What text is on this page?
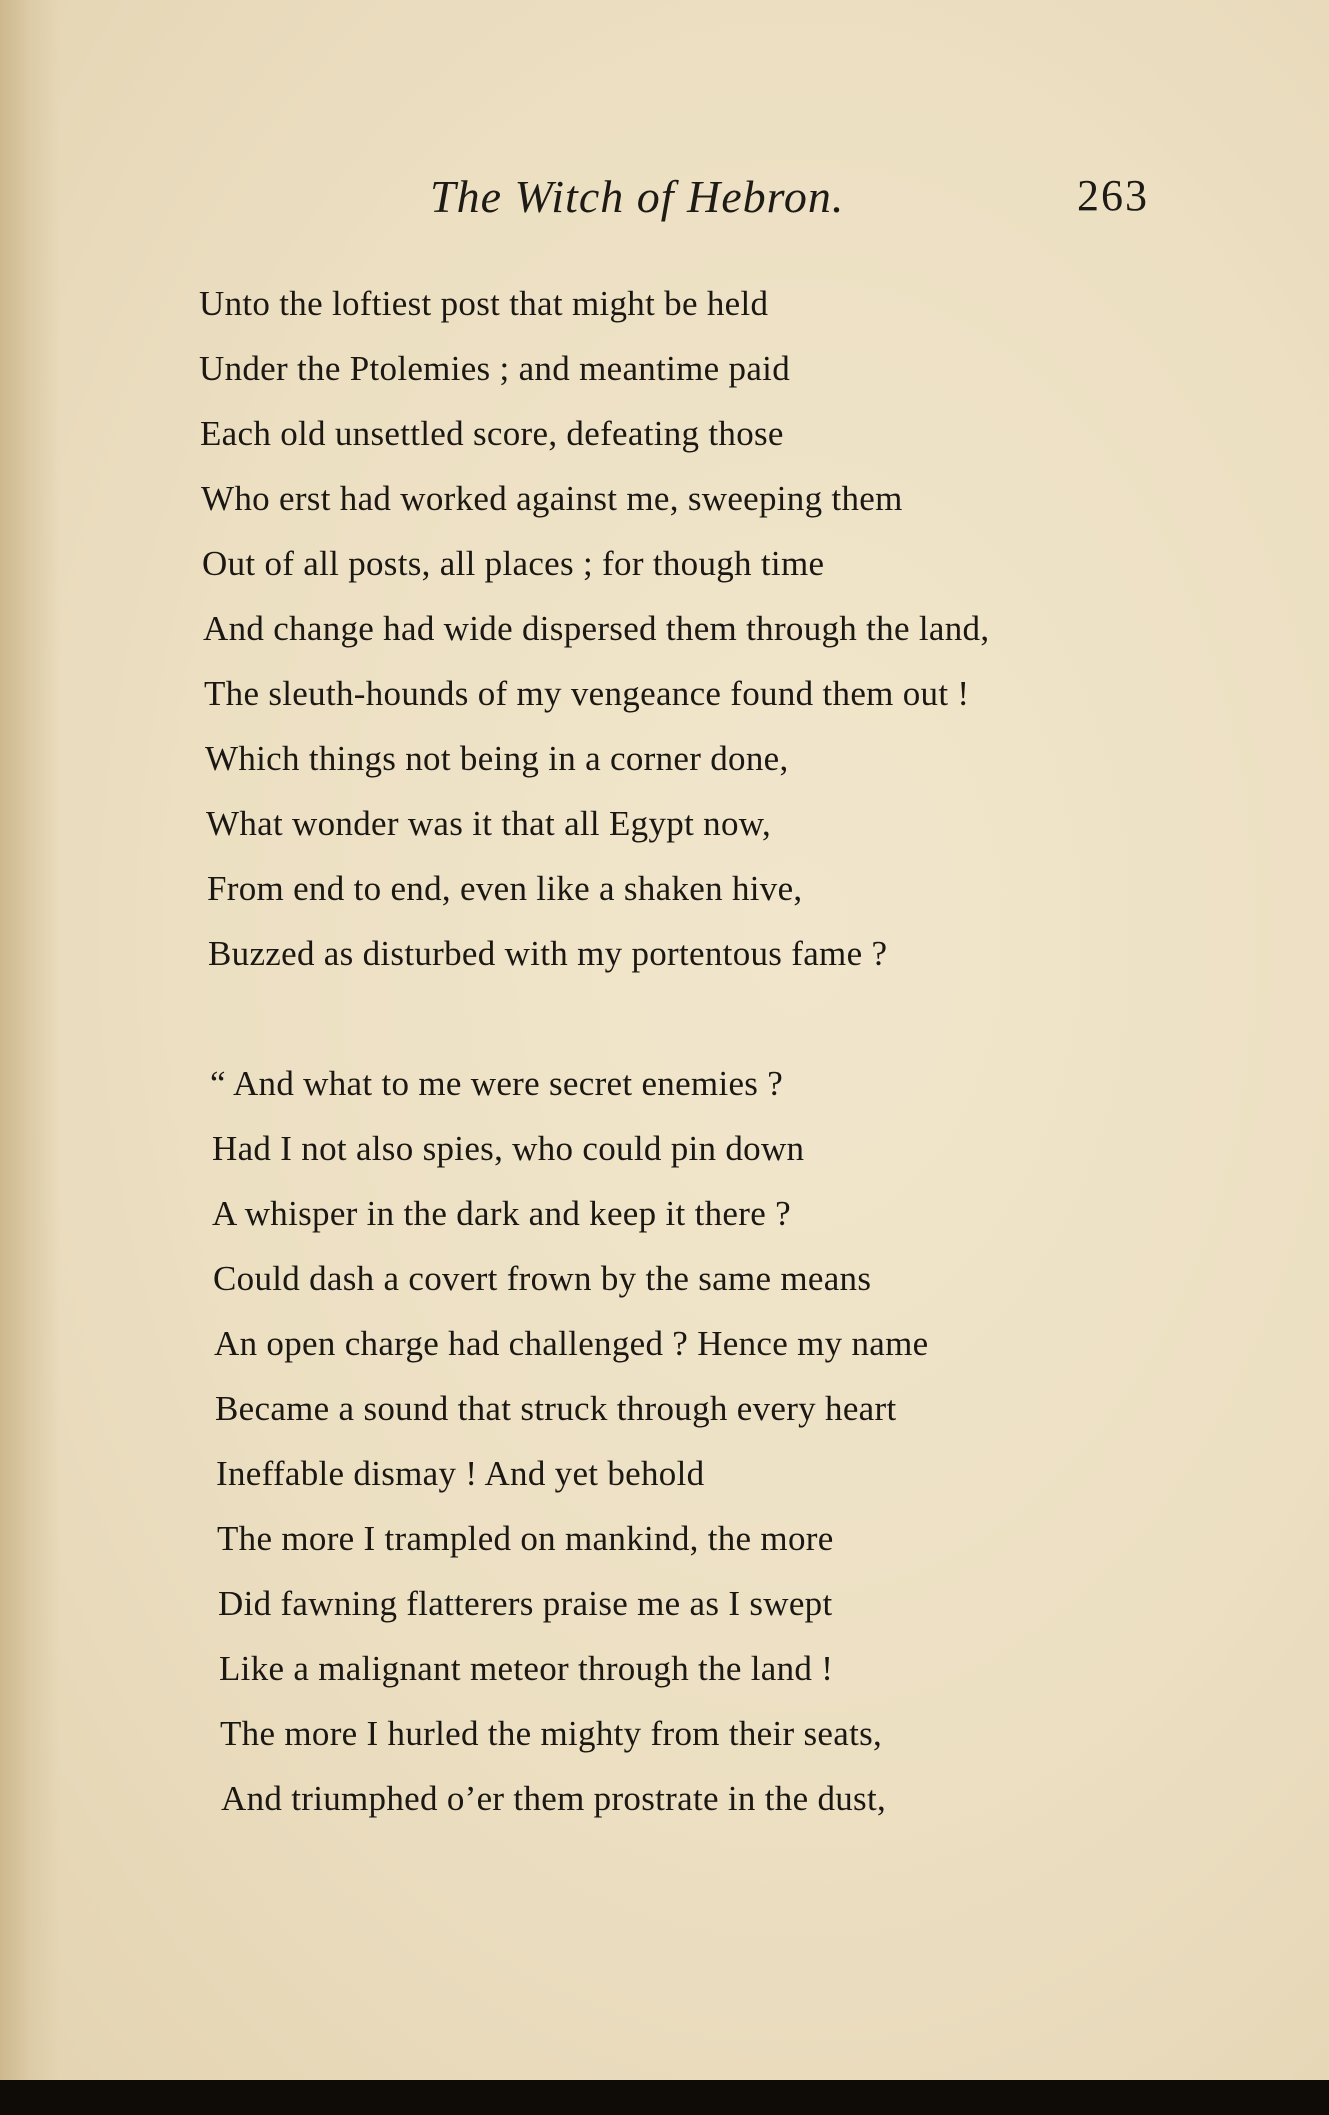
The Witch of Hebron.	263
Unto the loftiest post that might be held
Under the Ptolemies ; and meantime paid
Each old unsettled score, defeating those
Who erst had worked against me, sweeping them
Out of all posts, all places ; for though time
And change had wide dispersed them through the land,
The sleuth-hounds of my vengeance found them out !
Which things not being in a corner done,
What wonder was it that all Egypt now,
From end to end, even like a shaken hive,
Buzzed as disturbed with my portentous fame ?
“ And what to me were secret enemies ?
Had I not also spies, who could pin down
A whisper in the dark and keep it there ?
Could dash a covert frown by the same means
An open charge had challenged ? Hence my name
Became a sound that struck through every heart
Ineffable dismay ! And yet behold
The more I trampled on mankind, the more
Did fawning flatterers praise me as I swept
Like a malignant meteor through the land !
The more I hurled the mighty from their seats,
And triumphed o’er them prostrate in the dust,
